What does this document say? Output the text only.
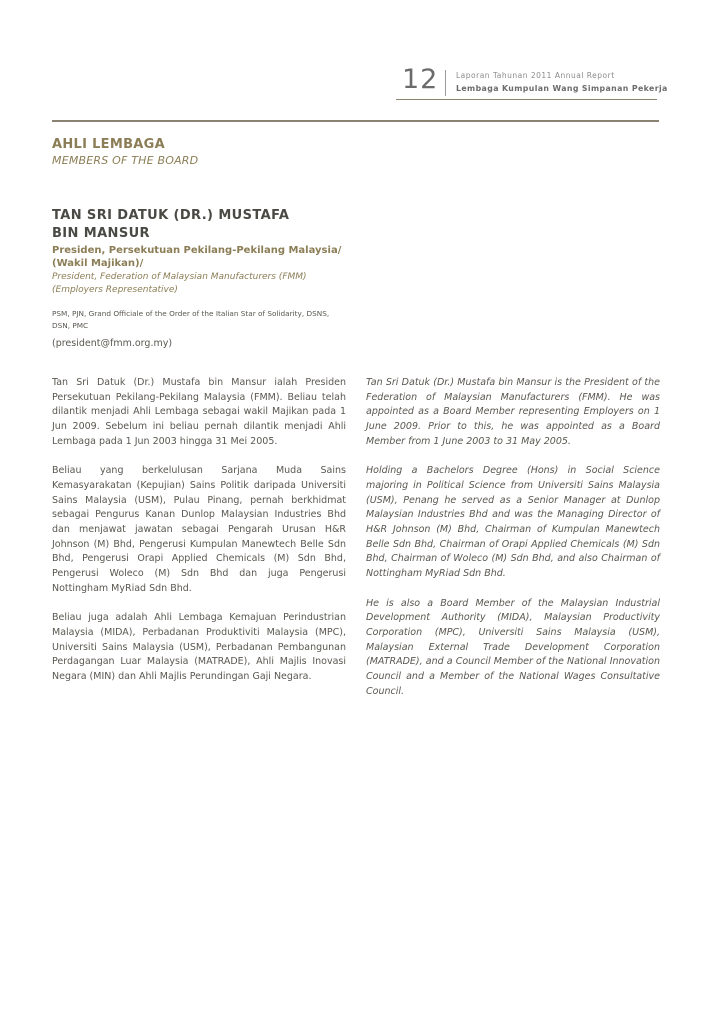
12 Laporan Tahunan 2011 Annual Report
Lembaga Kumpulan Wang Simpanan Pekerja
AHLI LEMBAGA
MEMBERS OF THE BOARD
TAN SRI DATUK (DR.) MUSTAFA
BIN MANSUR
Presiden, Persekutuan Pekilang-Pekilang Malaysia/
(Wakil Majikan)/
President, Federation of Malaysian Manufacturers (FMM)
(Employers Representative)
PSM, PJN, Grand Officiale of the Order of the Italian Star of Solidarity, DSNS,
DSN, PMC
(president@fmm.org.my)

Tan Sri Datuk (Dr.) Mustafa bin Mansur ialah Presiden Persekutuan Pekilang-Pekilang Malaysia (FMM). Beliau telah dilantik menjadi Ahli Lembaga sebagai wakil Majikan pada 1 Jun 2009. Sebelum ini beliau pernah dilantik menjadi Ahli Lembaga pada 1 Jun 2003 hingga 31 Mei 2005.

Beliau yang berkelulusan Sarjana Muda Sains Kemasyarakatan (Kepujian) Sains Politik daripada Universiti Sains Malaysia (USM), Pulau Pinang, pernah berkhidmat sebagai Pengurus Kanan Dunlop Malaysian Industries Bhd dan menjawat jawatan sebagai Pengarah Urusan H&R Johnson (M) Bhd, Pengerusi Kumpulan Manewtech Belle Sdn Bhd, Pengerusi Orapi Applied Chemicals (M) Sdn Bhd, Pengerusi Woleco (M) Sdn Bhd dan juga Pengerusi Nottingham MyRiad Sdn Bhd.

Beliau juga adalah Ahli Lembaga Kemajuan Perindustrian Malaysia (MIDA), Perbadanan Produktiviti Malaysia (MPC), Universiti Sains Malaysia (USM), Perbadanan Pembangunan Perdagangan Luar Malaysia (MATRADE), Ahli Majlis Inovasi Negara (MIN) dan Ahli Majlis Perundingan Gaji Negara.

Tan Sri Datuk (Dr.) Mustafa bin Mansur is the President of the Federation of Malaysian Manufacturers (FMM). He was appointed as a Board Member representing Employers on 1 June 2009. Prior to this, he was appointed as a Board Member from 1 June 2003 to 31 May 2005.

Holding a Bachelors Degree (Hons) in Social Science majoring in Political Science from Universiti Sains Malaysia (USM), Penang he served as a Senior Manager at Dunlop Malaysian Industries Bhd and was the Managing Director of H&R Johnson (M) Bhd, Chairman of Kumpulan Manewtech Belle Sdn Bhd, Chairman of Orapi Applied Chemicals (M) Sdn Bhd, Chairman of Woleco (M) Sdn Bhd, and also Chairman of Nottingham MyRiad Sdn Bhd.

He is also a Board Member of the Malaysian Industrial Development Authority (MIDA), Malaysian Productivity Corporation (MPC), Universiti Sains Malaysia (USM), Malaysian External Trade Development Corporation (MATRADE), and a Council Member of the National Innovation Council and a Member of the National Wages Consultative Council.
